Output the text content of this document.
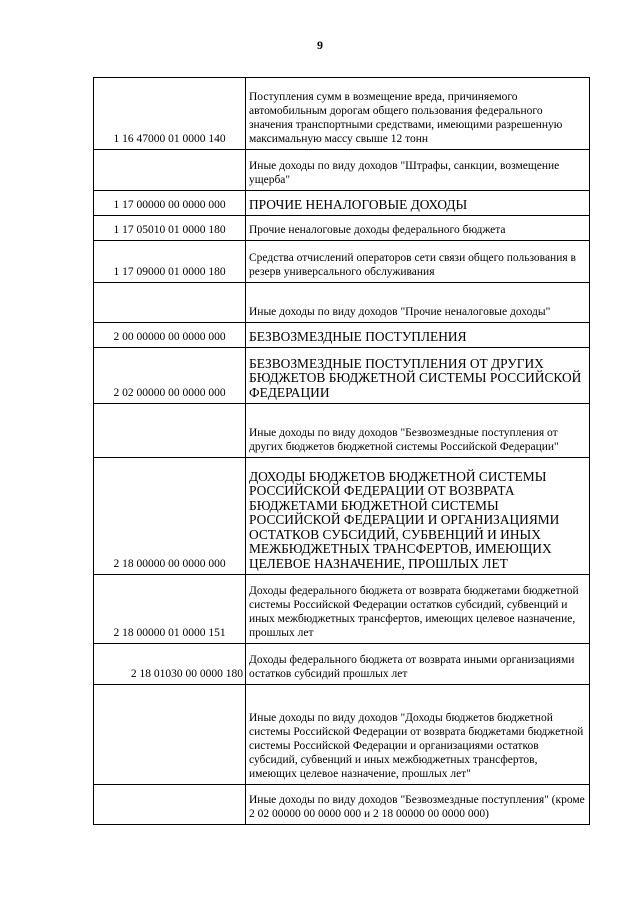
9
1 16 47000 01 0000 140	Поступления сумм в возмещение вреда, причиняемого автомобильным дорогам общего пользования федерального значения транспортными средствами, имеющими разрешенную максимальную массу свыше 12 тонн
	Иные доходы по виду доходов "Штрафы, санкции, возмещение ущерба"
1 17 00000 00 0000 000	ПРОЧИЕ НЕНАЛОГОВЫЕ ДОХОДЫ
1 17 05010 01 0000 180	Прочие неналоговые доходы федерального бюджета
1 17 09000 01 0000 180	Средства отчислений операторов сети связи общего пользования в резерв универсального обслуживания
	Иные доходы по виду доходов "Прочие неналоговые доходы"
2 00 00000 00 0000 000	БЕЗВОЗМЕЗДНЫЕ ПОСТУПЛЕНИЯ
2 02 00000 00 0000 000	БЕЗВОЗМЕЗДНЫЕ ПОСТУПЛЕНИЯ ОТ ДРУГИХ БЮДЖЕТОВ БЮДЖЕТНОЙ СИСТЕМЫ РОССИЙСКОЙ ФЕДЕРАЦИИ
	Иные доходы по виду доходов "Безвозмездные поступления от других бюджетов бюджетной системы Российской Федерации"
2 18 00000 00 0000 000	ДОХОДЫ БЮДЖЕТОВ БЮДЖЕТНОЙ СИСТЕМЫ РОССИЙСКОЙ ФЕДЕРАЦИИ ОТ ВОЗВРАТА БЮДЖЕТАМИ БЮДЖЕТНОЙ СИСТЕМЫ РОССИЙСКОЙ ФЕДЕРАЦИИ И ОРГАНИЗАЦИЯМИ ОСТАТКОВ СУБСИДИЙ, СУБВЕНЦИЙ И ИНЫХ МЕЖБЮДЖЕТНЫХ ТРАНСФЕРТОВ, ИМЕЮЩИХ ЦЕЛЕВОЕ НАЗНАЧЕНИЕ, ПРОШЛЫХ ЛЕТ
2 18 00000 01 0000 151	Доходы федерального бюджета от возврата бюджетами бюджетной системы Российской Федерации остатков субсидий, субвенций и иных межбюджетных трансфертов, имеющих целевое назначение, прошлых лет
2 18 01030 00 0000 180	Доходы федерального бюджета от возврата иными организациями остатков субсидий прошлых лет
	Иные доходы по виду доходов "Доходы бюджетов бюджетной системы Российской Федерации от возврата бюджетами бюджетной системы Российской Федерации и организациями остатков субсидий, субвенций и иных межбюджетных трансфертов, имеющих целевое назначение, прошлых лет"
	Иные доходы по виду доходов "Безвозмездные поступления" (кроме 2 02 00000 00 0000 000 и 2 18 00000 00 0000 000)
